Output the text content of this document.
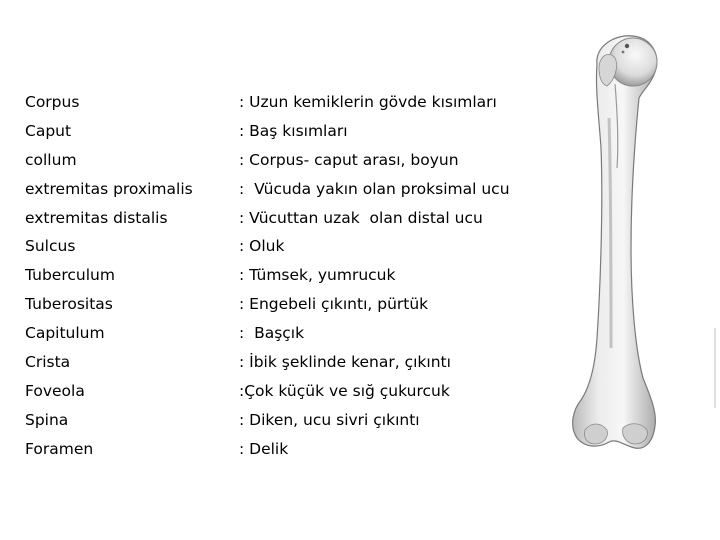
Corpus	: Uzun kemiklerin gövde kısımları
Caput	: Baş kısımları
collum	: Corpus- caput arası, boyun
extremitas proximalis	:  Vücuda yakın olan proksimal ucu
extremitas distalis	: Vücuttan uzak  olan distal ucu
Sulcus	: Oluk
Tuberculum	: Tümsek, yumrucuk
Tuberositas	: Engebeli çıkıntı, pürtük
Capitulum	:  Başçık
Crista	: İbik şeklinde kenar, çıkıntı
Foveola	:Çok küçük ve sığ çukurcuk
Spina	: Diken, ucu sivri çıkıntı
Foramen	: Delik
